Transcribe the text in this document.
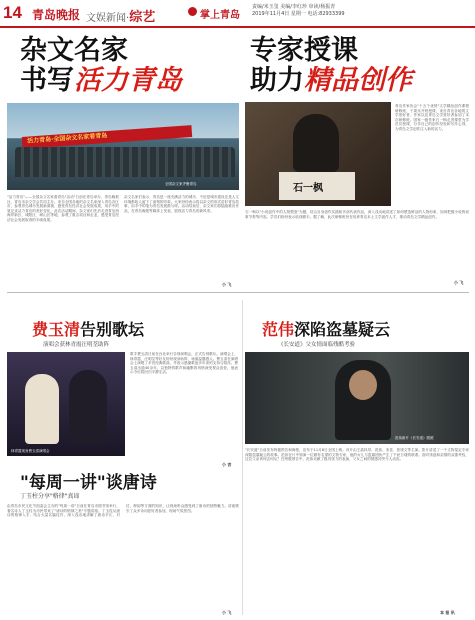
14 青岛晚报 文娱新闻·综艺	掌上青岛
责编/米玉玺 美编/李红珍 审读/杨振青
2019年11月4日 星期一 电话:82933399
杂文名家
书写活力青岛
活力青岛·全国杂文名家看青岛
全国杂文家齐聚青岛
"活力青岛"——全国杂文名家看青岛"活动"日前在青岛举办，青岛晚报社、青岛市杂文学会共同主办。来自全国各地的杂文名家深入青岛各区市，参观青岛城市发展新面貌、感受青岛经济社会发展成果，用手中的笔记录活力青岛的美好变化。此次活动期间，杂文家们先后走进青岛西海岸新区、城阳区、崂山区等地，参观了重点项目和企业，感受青岛经济社会发展取得的丰硕成果。
杂文名家们表示，青岛是一座充满活力的城市，不论是城市建设还是人文环境都给人留下了深刻的印象。大家纷纷表示将以杂文的形式讲好青岛故事，用手中的笔为青岛发展鼓与呼。活动结束后，杂文家们将陆续推出作品，在青岛晚报等媒体上发表，展现活力青岛的新风采。
小 飞
专家授课
助力精品创作
石一枫
青岛作家协会"十五个优势"文学精品创作课程研修班，于周末开班授课，来自青岛各地的文学爱好者、作家以及青岛文学爱好者参加了本次研修班。国家一级作家石一枫走进课堂为学员们授课，分享自己的创作经验和写作心得，为青岛文学创作注入新的活力。
石一枫以"小说创作中的人物塑造"为题，结合自身创作实践和多部代表作品，深入浅出地讲述了如何塑造鲜活的人物形象、如何把握小说的叙事节奏等内容。学员们纷纷表示收获颇丰。据了解，此次研修班旨在培养青岛本土文学创作人才，推动青岛文学精品创作。
小 飞
费玉清告别歌坛
演唱会获林青霞汪明荃助阵
林青霞现身费玉清演唱会
歌手费玉清日前在台北举行告别演唱会，正式告别歌坛。演唱会上，林青霞、汪明荃等好友纷纷现身助阵，场面温馨感人。费玉清在演唱会上演唱了多首经典歌曲，并表示感谢歌迷多年来的支持与陪伴。费玉清出道40余年，以独特的歌声和幽默的风格深受观众喜爱，他表示今后将回归平静生活。
小 吉
"每周一讲"谈唐诗
丁玉柱分享"格律"真谛
由青岛市民文化节组委会主办的"每周一讲"日前在青岛市图书馆举行，著名诗人丁玉柱为市民带来了"唐诗的格律之美"专题讲座。丁玉柱从唐诗的格律入手，结合大量名篇佳作，深入浅出地讲解了唐诗平仄、对仗、押韵等方面的知识，让现场听众感受到了唐诗的独特魅力。讲座吸引了众多诗词爱好者参加，现场气氛热烈。
小 飞
范伟深陷盗墓疑云
《长安道》父女情面临残酷考验
范伟新片《长安道》剧照
"长安道"日前发布终极预告和海报，宣布于11月8日全国上映。该片由王晶执导，范伟、宋佳、张颂文等主演。影片讲述了一个文物鉴定专家深陷盗墓疑云的故事。范伟在片中饰演一位颇有名望的文物专家，他的女儿与盗墓团伙产生了千丝万缕的联系。面对诱惑和亲情的双重考验，这位父亲该何去何从？在终极预告中，范伟贡献了极具张力的表演，父女之间的情感冲突令人动容。
本 报 讯
